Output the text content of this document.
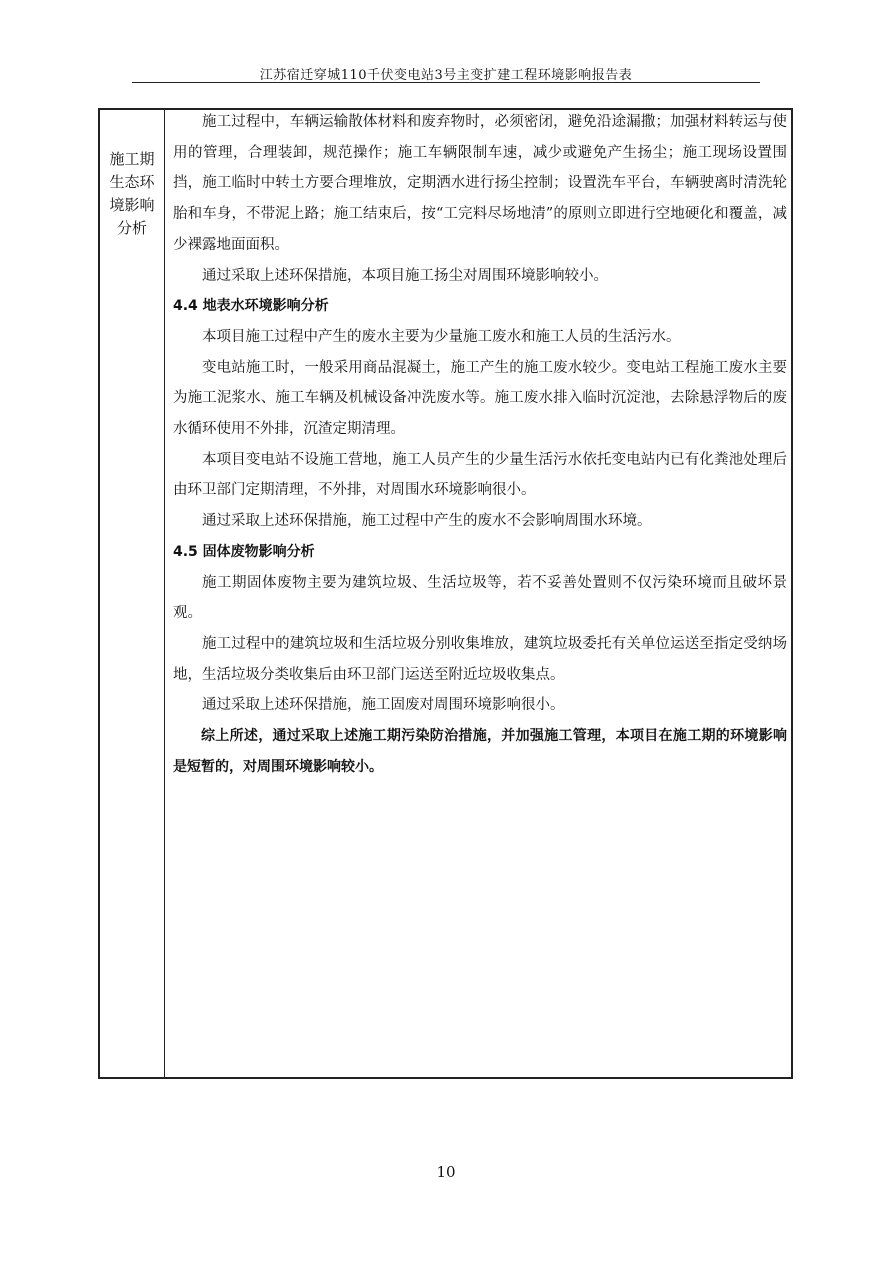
江苏宿迁穿城110千伏变电站3号主变扩建工程环境影响报告表
施工期生态环境影响分析

施工过程中，车辆运输散体材料和废弃物时，必须密闭，避免沿途漏撒；加强材料转运与使用的管理，合理装卸，规范操作；施工车辆限制车速，减少或避免产生扬尘；施工现场设置围挡，施工临时中转土方要合理堆放，定期洒水进行扬尘控制；设置洗车平台，车辆驶离时清洗轮胎和车身，不带泥上路；施工结束后，按“工完料尽场地清”的原则立即进行空地硬化和覆盖，减少裸露地面面积。

通过采取上述环保措施，本项目施工扬尘对周围环境影响较小。

4.4 地表水环境影响分析

本项目施工过程中产生的废水主要为少量施工废水和施工人员的生活污水。

变电站施工时，一般采用商品混凝土，施工产生的施工废水较少。变电站工程施工废水主要为施工泥浆水、施工车辆及机械设备冲洗废水等。施工废水排入临时沉淀池，去除悬浮物后的废水循环使用不外排，沉渣定期清理。

本项目变电站不设施工营地，施工人员产生的少量生活污水依托变电站内已有化粪池处理后由环卫部门定期清理，不外排，对周围水环境影响很小。

通过采取上述环保措施，施工过程中产生的废水不会影响周围水环境。

4.5 固体废物影响分析

施工期固体废物主要为建筑垃圾、生活垃圾等，若不妥善处置则不仅污染环境而且破坏景观。

施工过程中的建筑垃圾和生活垃圾分别收集堆放，建筑垃圾委托有关单位运送至指定受纳场地，生活垃圾分类收集后由环卫部门运送至附近垃圾收集点。

通过采取上述环保措施，施工固废对周围环境影响很小。

综上所述，通过采取上述施工期污染防治措施，并加强施工管理，本项目在施工期的环境影响是短暂的，对周围环境影响较小。

10
